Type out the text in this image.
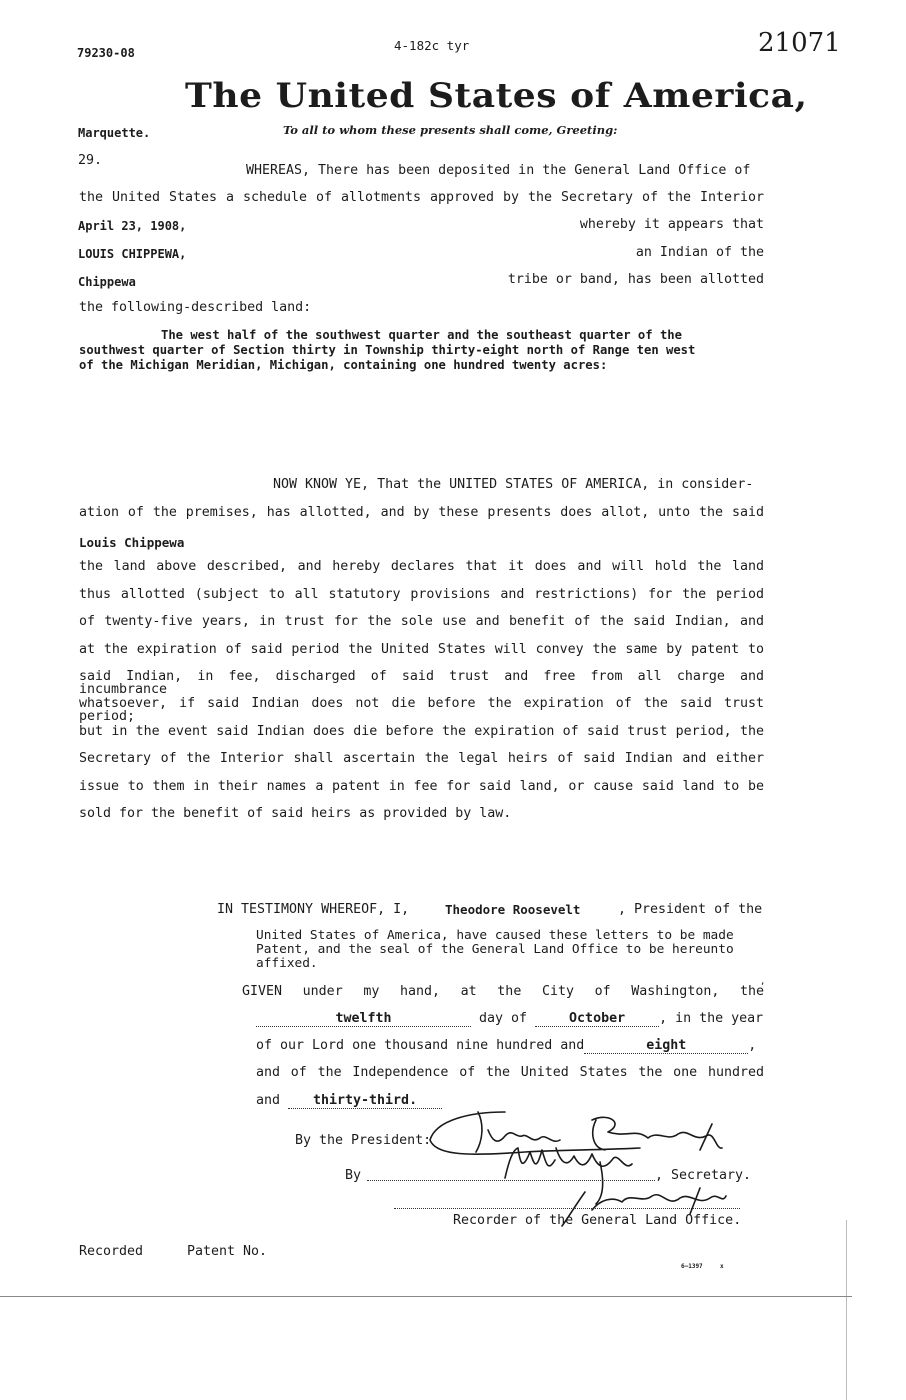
79230-08	4-182c tyr	21071
The United States of America,
To all to whom these presents shall come, Greeting:
Marquette.
29.
April 23, 1908,
LOUIS CHIPPEWA,
Chippewa
WHEREAS, There has been deposited in the General Land Office of
the United States a schedule of allotments approved by the Secretary of the Interior
whereby it appears that
an Indian of the
tribe or band, has been allotted
the following-described land:
The west half of the southwest quarter and the southeast quarter of the
southwest quarter of Section thirty in Township thirty-eight north of Range ten west
of the Michigan Meridian, Michigan, containing one hundred twenty acres:
NOW KNOW YE, That the UNITED STATES OF AMERICA, in consider-
ation of the premises, has allotted, and by these presents does allot, unto the said
Louis Chippewa
the land above described, and hereby declares that it does and will hold the land
thus allotted (subject to all statutory provisions and restrictions) for the period
of twenty-five years, in trust for the sole use and benefit of the said Indian, and
at the expiration of said period the United States will convey the same by patent to
said Indian, in fee, discharged of said trust and free from all charge and incumbrance
whatsoever, if said Indian does not die before the expiration of the said trust period;
but in the event said Indian does die before the expiration of said trust period, the
Secretary of the Interior shall ascertain the legal heirs of said Indian and either
issue to them in their names a patent in fee for said land, or cause said land to be
sold for the benefit of said heirs as provided by law.
IN TESTIMONY WHEREOF, I,	Theodore Roosevelt	, President of the
United States of America, have caused these letters to be made
Patent, and the seal of the General Land Office to be hereunto
affixed.
GIVEN under my hand, at the City of Washington, the
,
twelfth	day of	October	, in the year
of our Lord one thousand nine hundred and	eight	,
and of the Independence of the United States the one hundred
and thirty-third.
By the President:
By	, Secretary.
Recorder of the General Land Office.
Recorded	Patent No.
6—1397	x
